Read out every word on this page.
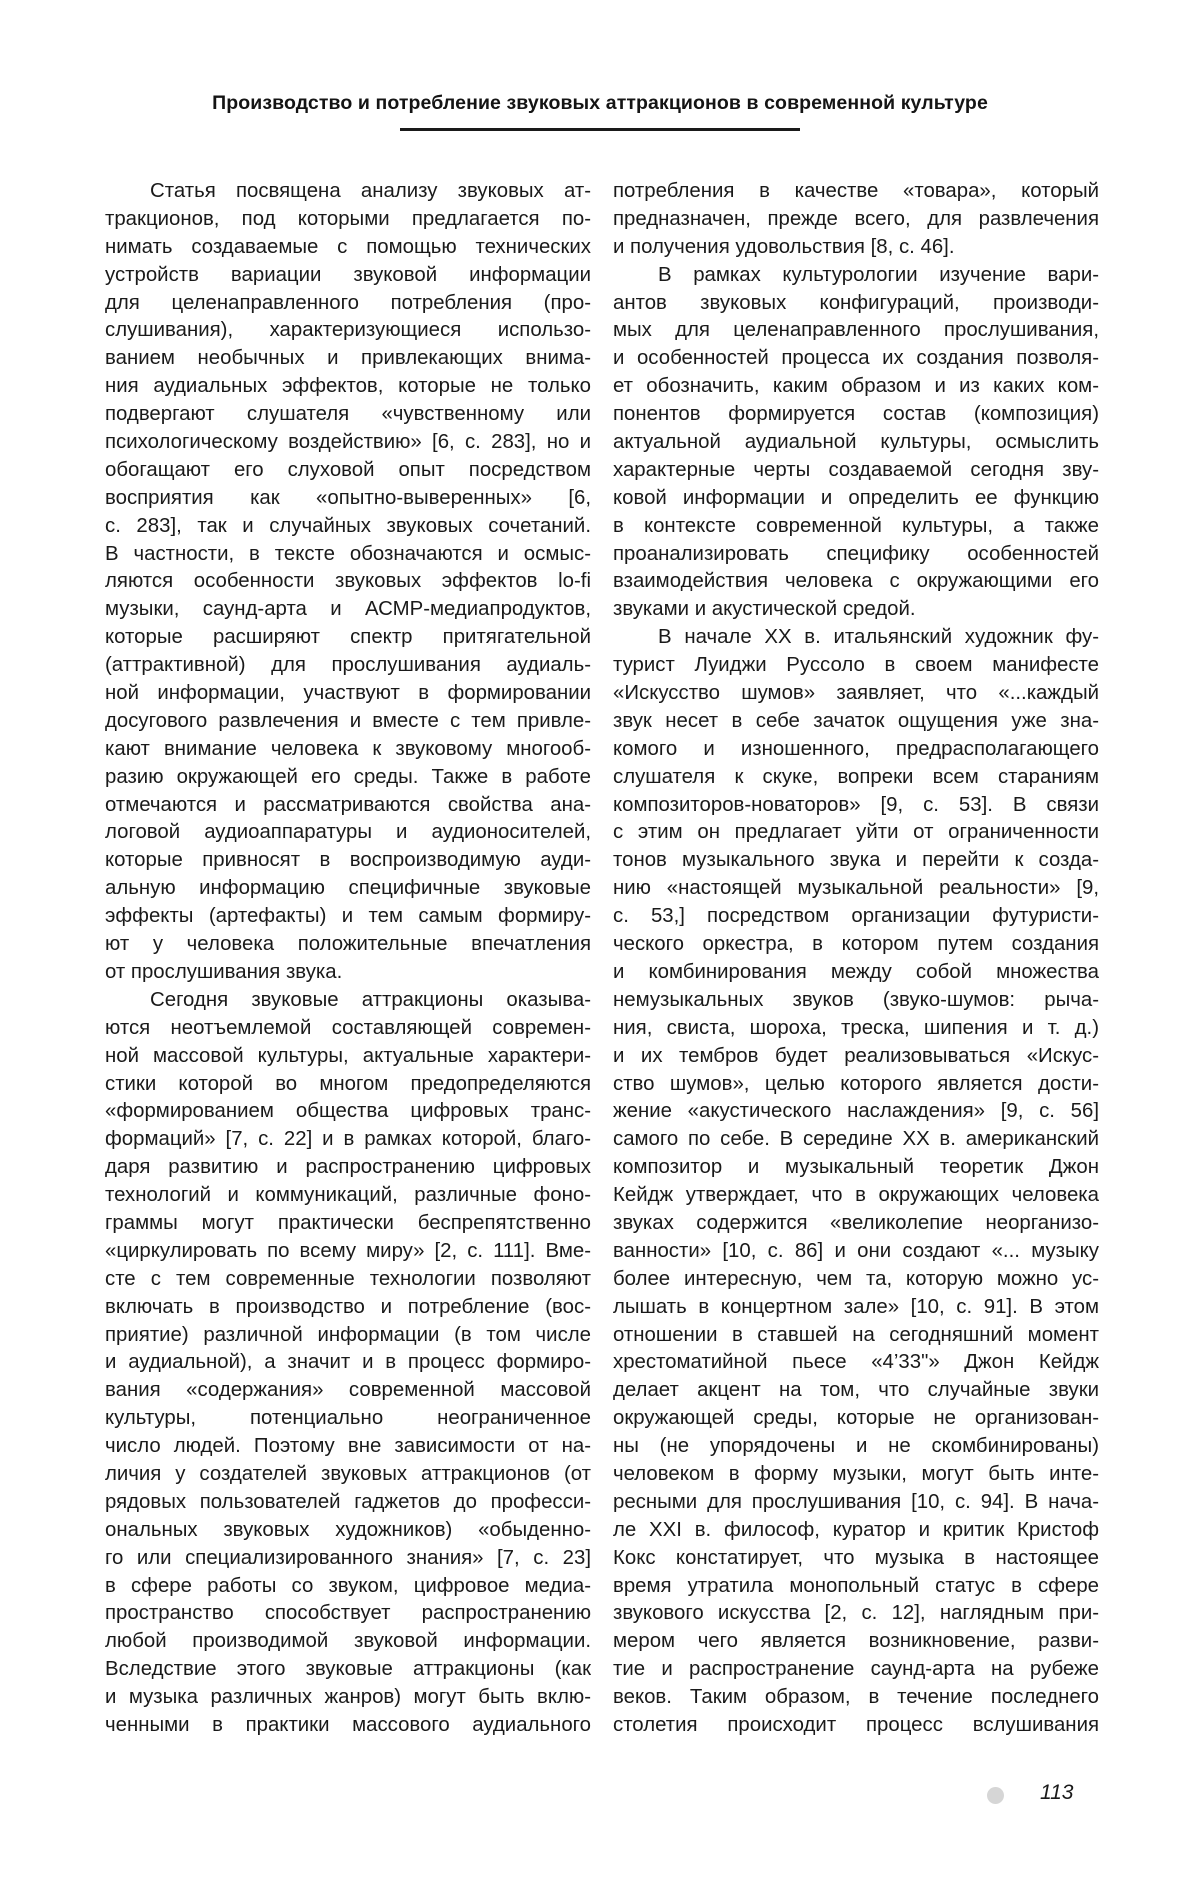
Производство и потребление звуковых аттракционов в современной культуре
Статья посвящена анализу звуковых ат-
тракционов, под которыми предлагается по-
нимать создаваемые с помощью технических
устройств вариации звуковой информации
для целенаправленного потребления (про-
слушивания), характеризующиеся использо-
ванием необычных и привлекающих внима-
ния аудиальных эффектов, которые не только
подвергают слушателя «чувственному или
психологическому воздействию» [6, с. 283], но и
обогащают его слуховой опыт посредством
восприятия как «опытно-выверенных» [6,
с. 283], так и случайных звуковых сочетаний.
В частности, в тексте обозначаются и осмыс-
ляются особенности звуковых эффектов lo-fi
музыки, саунд-арта и АСМР-медиапродуктов,
которые расширяют спектр притягательной
(аттрактивной) для прослушивания аудиаль-
ной информации, участвуют в формировании
досугового развлечения и вместе с тем привле-
кают внимание человека к звуковому многооб-
разию окружающей его среды. Также в работе
отмечаются и рассматриваются свойства ана-
логовой аудиоаппаратуры и аудионосителей,
которые привносят в воспроизводимую ауди-
альную информацию специфичные звуковые
эффекты (артефакты) и тем самым формиру-
ют у человека положительные впечатления
от прослушивания звука.
Сегодня звуковые аттракционы оказыва-
ются неотъемлемой составляющей современ-
ной массовой культуры, актуальные характери-
стики которой во многом предопределяются
«формированием общества цифровых транс-
формаций» [7, с. 22] и в рамках которой, благо-
даря развитию и распространению цифровых
технологий и коммуникаций, различные фоно-
граммы могут практически беспрепятственно
«циркулировать по всему миру» [2, с. 111]. Вме-
сте с тем современные технологии позволяют
включать в производство и потребление (вос-
приятие) различной информации (в том числе
и аудиальной), а значит и в процесс формиро-
вания «содержания» современной массовой
культуры, потенциально неограниченное
число людей. Поэтому вне зависимости от на-
личия у создателей звуковых аттракционов (от
рядовых пользователей гаджетов до професси-
ональных звуковых художников) «обыденно-
го или специализированного знания» [7, с. 23]
в сфере работы со звуком, цифровое медиа-
пространство способствует распространению
любой производимой звуковой информации.
Вследствие этого звуковые аттракционы (как
и музыка различных жанров) могут быть вклю-
ченными в практики массового аудиального
потребления в качестве «товара», который
предназначен, прежде всего, для развлечения
и получения удовольствия [8, с. 46].
В рамках культурологии изучение вари-
антов звуковых конфигураций, производи-
мых для целенаправленного прослушивания,
и особенностей процесса их создания позволя-
ет обозначить, каким образом и из каких ком-
понентов формируется состав (композиция)
актуальной аудиальной культуры, осмыслить
характерные черты создаваемой сегодня зву-
ковой информации и определить ее функцию
в контексте современной культуры, а также
проанализировать специфику особенностей
взаимодействия человека с окружающими его
звуками и акустической средой.
В начале XX в. итальянский художник фу-
турист Луиджи Руссоло в своем манифесте
«Искусство шумов» заявляет, что «...каждый
звук несет в себе зачаток ощущения уже зна-
комого и изношенного, предрасполагающего
слушателя к скуке, вопреки всем стараниям
композиторов-новаторов» [9, с. 53]. В связи
с этим он предлагает уйти от ограниченности
тонов музыкального звука и перейти к созда-
нию «настоящей музыкальной реальности» [9,
с. 53,] посредством организации футуристи-
ческого оркестра, в котором путем создания
и комбинирования между собой множества
немузыкальных звуков (звуко-шумов: рыча-
ния, свиста, шороха, треска, шипения и т. д.)
и их тембров будет реализовываться «Искус-
ство шумов», целью которого является дости-
жение «акустического наслаждения» [9, с. 56]
самого по себе. В середине XX в. американский
композитор и музыкальный теоретик Джон
Кейдж утверждает, что в окружающих человека
звуках содержится «великолепие неорганизо-
ванности» [10, с. 86] и они создают «... музыку
более интересную, чем та, которую можно ус-
лышать в концертном зале» [10, с. 91]. В этом
отношении в ставшей на сегодняшний момент
хрестоматийной пьесе «4’33"» Джон Кейдж
делает акцент на том, что случайные звуки
окружающей среды, которые не организован-
ны (не упорядочены и не скомбинированы)
человеком в форму музыки, могут быть инте-
ресными для прослушивания [10, с. 94]. В нача-
ле XXI в. философ, куратор и критик Кристоф
Кокс констатирует, что музыка в настоящее
время утратила монопольный статус в сфере
звукового искусства [2, с. 12], наглядным при-
мером чего является возникновение, разви-
тие и распространение саунд-арта на рубеже
веков. Таким образом, в течение последнего
столетия происходит процесс вслушивания
113
